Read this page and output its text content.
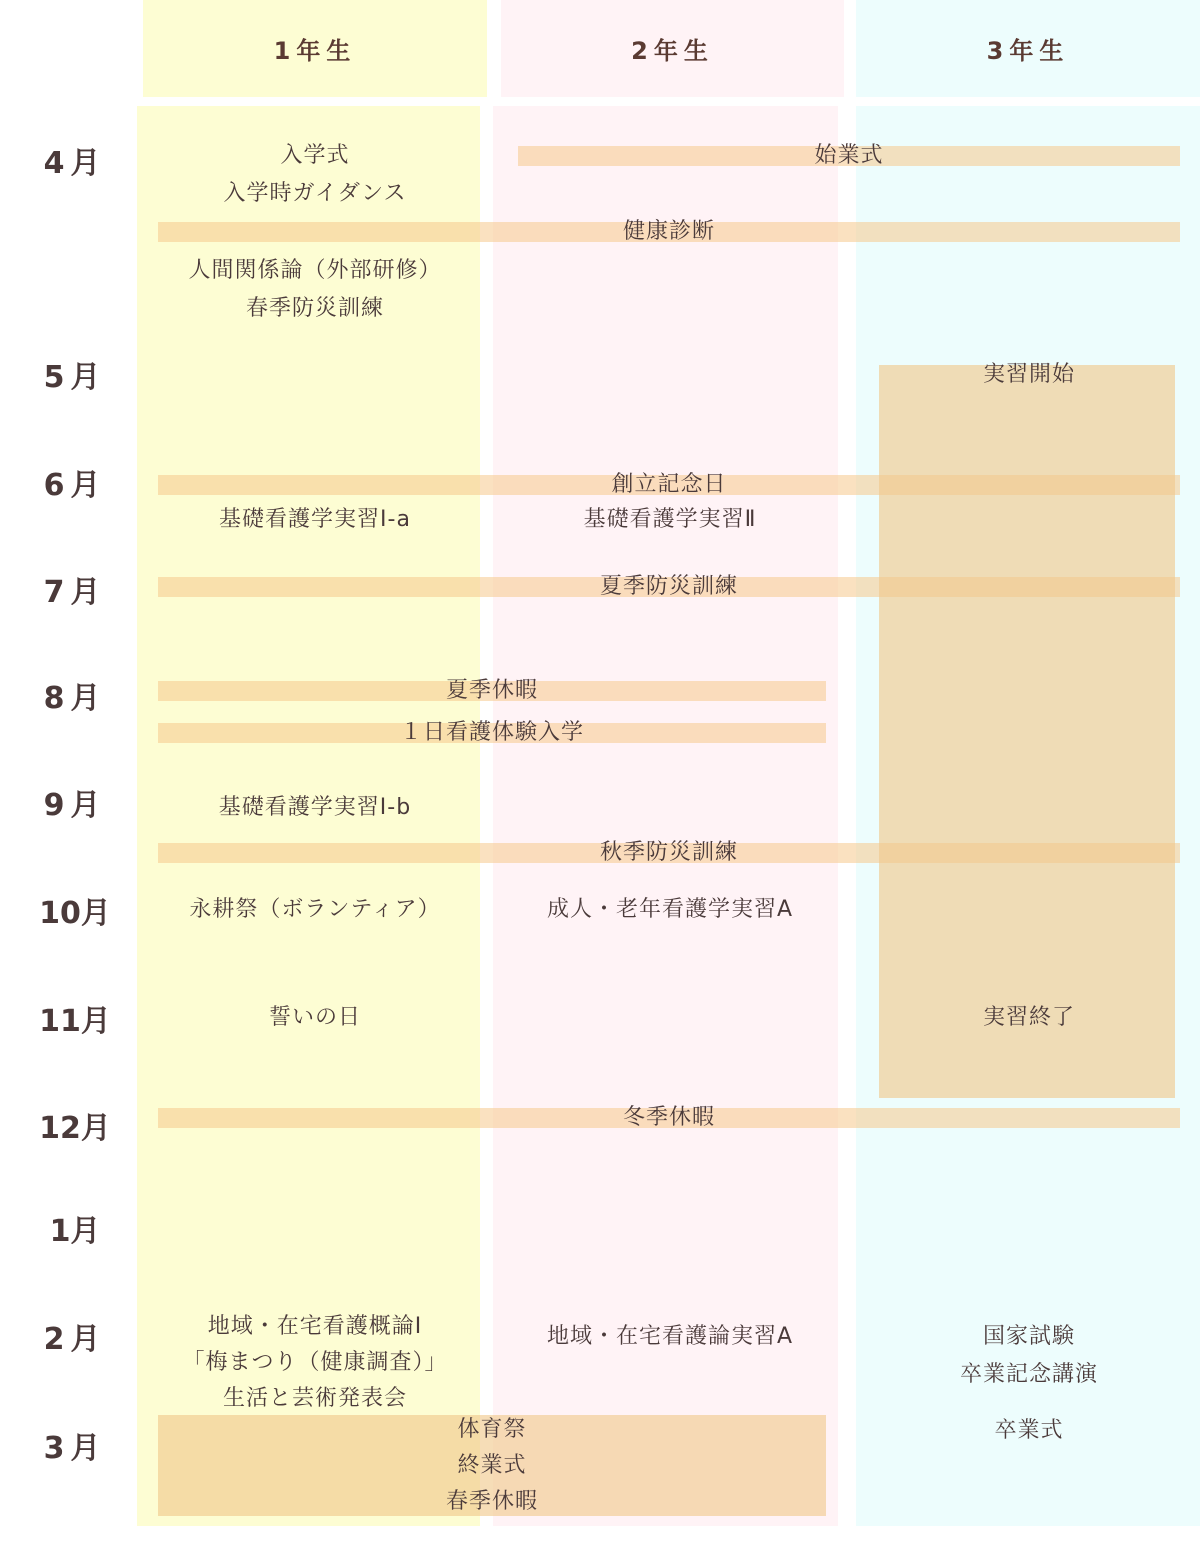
1年生	2年生	3年生
4月
5月
6月
7月
8月
9月
10月
11月
12月
1月
2月
3月
入学式
入学時ガイダンス
人間関係論（外部研修）
春季防災訓練
基礎看護学実習Ⅰ-a
基礎看護学実習Ⅰ-b
永耕祭（ボランティア）
誓いの日
地域・在宅看護概論Ⅰ
「梅まつり（健康調査）」
生活と芸術発表会
基礎看護学実習Ⅱ
成人・老年看護学実習A
地域・在宅看護論実習A
実習開始
実習終了
国家試験
卒業記念講演
卒業式
始業式
健康診断
創立記念日
夏季防災訓練
夏季休暇
１日看護体験入学
秋季防災訓練
冬季休暇
体育祭
終業式
春季休暇
